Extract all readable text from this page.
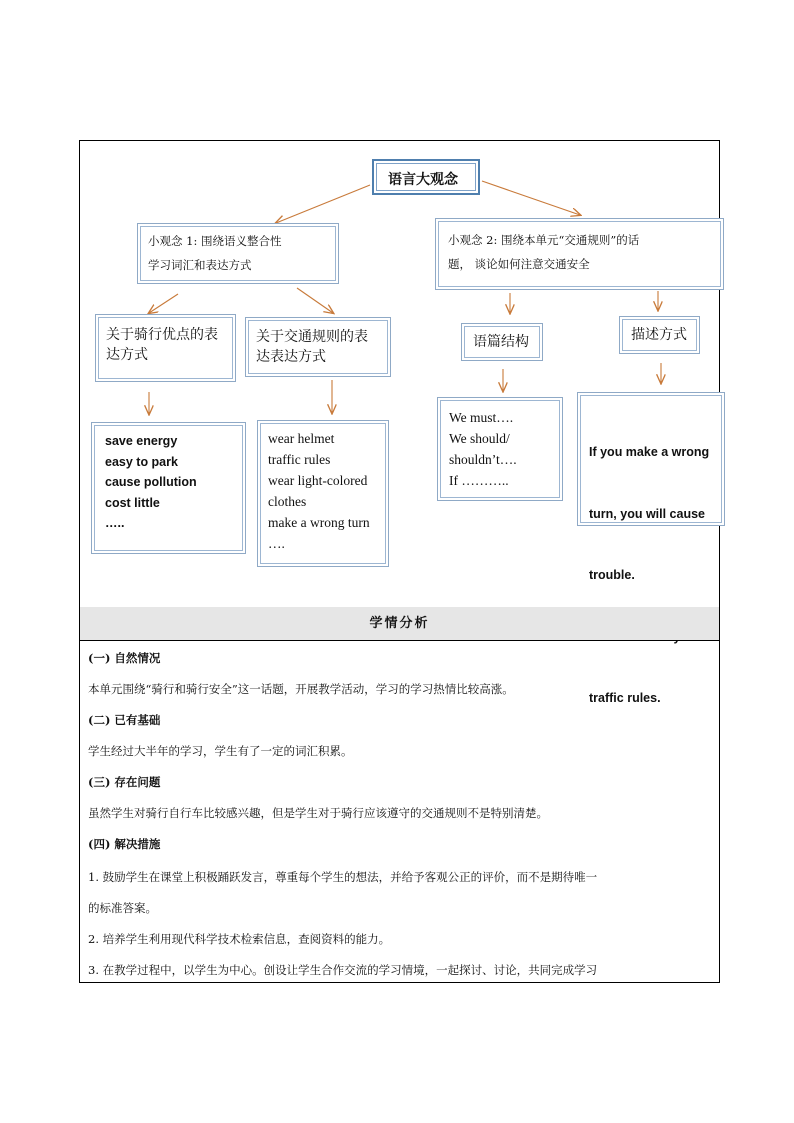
语言大观念
小观念 1: 围绕语义整合性
学习词汇和表达方式
小观念 2: 围绕本单元“交通规则”的话
题， 谈论如何注意交通安全
关于骑行优点的表
达方式
关于交通规则的表
达表达方式
语篇结构	描述方式
save energy
easy to park
cause pollution
cost little
…..
wear helmet
traffic rules
wear light-colored
clothes
make a wrong turn
….
We must….
We should/
shouldn’t….
If ………..

If you make a wrong

turn, you will cause

trouble.

traffic rules.

学情分析
(一) 自然情况
本单元围绕“骑行和骑行安全”这一话题，开展教学活动，学习的学习热情比较高涨。
(二) 已有基础
学生经过大半年的学习，学生有了一定的词汇积累。
(三) 存在问题
虽然学生对骑行自行车比较感兴趣，但是学生对于骑行应该遵守的交通规则不是特别清楚。
(四) 解决措施
1. 鼓励学生在课堂上积极踊跃发言，尊重每个学生的想法，并给予客观公正的评价，而不是期待唯一
的标准答案。
2. 培养学生利用现代科学技术检索信息，查阅资料的能力。
3. 在教学过程中，以学生为中心。创设让学生合作交流的学习情境，一起探讨、讨论，共同完成学习
